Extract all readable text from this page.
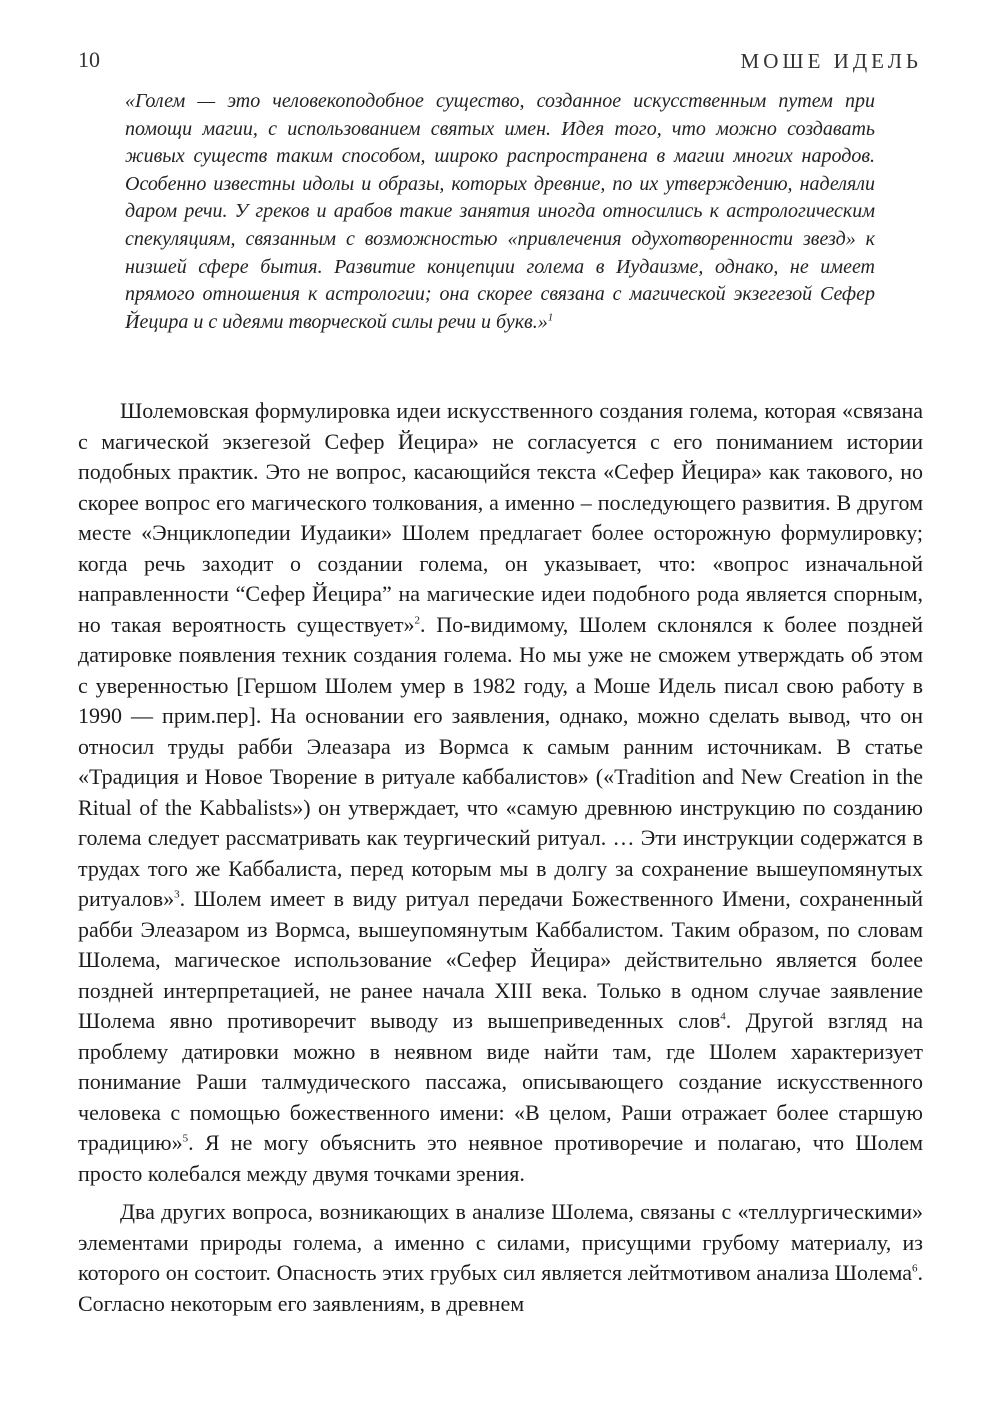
10	МОШЕ ИДЕЛЬ

«Голем — это человекоподобное существо, созданное искусственным путем при помощи магии, с использованием святых имен. Идея того, что можно создавать живых существ таким способом, широко распространена в магии многих народов. Особенно известны идолы и образы, которых древние, по их утверждению, наделяли даром речи. У греков и арабов такие занятия иногда относились к астрологическим спекуляциям, связанным с возможностью «привлечения одухотворенности звезд» к низшей сфере бытия. Развитие концепции голема в Иудаизме, однако, не имеет прямого отношения к астрологии; она скорее связана с магической экзегезой Сефер Йецира и с идеями творческой силы речи и букв.»$^1$

Шолемовская формулировка идеи искусственного создания голема, которая «связана с магической экзегезой Сефер Йецира» не согласуется с его пониманием истории подобных практик. Это не вопрос, касающийся текста «Сефер Йецира» как такового, но скорее вопрос его магического толкования, а именно – последующего развития. В другом месте «Энциклопедии Иудаики» Шолем предлагает более осторожную формулировку; когда речь заходит о создании голема, он указывает, что: «вопрос изначальной направленности “Сефер Йецира” на магические идеи подобного рода является спорным, но такая вероятность существует»$^2$. По-видимому, Шолем склонялся к более поздней датировке появления техник создания голема. Но мы уже не сможем утверждать об этом с уверенностью [Гершом Шолем умер в 1982 году, а Моше Идель писал свою работу в 1990 — прим.пер]. На основании его заявления, однако, можно сделать вывод, что он относил труды рабби Элеазара из Вормса к самым ранним источникам. В статье «Традиция и Новое Творение в ритуале каббалистов» («Tradition and New Creation in the Ritual of the Kabbalists») он утверждает, что «самую древнюю инструкцию по созданию голема следует рассматривать как теургический ритуал. … Эти инструкции содержатся в трудах того же Каббалиста, перед которым мы в долгу за сохранение вышеупомянутых ритуалов»$^3$. Шолем имеет в виду ритуал передачи Божественного Имени, сохраненный рабби Элеазаром из Вормса, вышеупомянутым Каббалистом. Таким образом, по словам Шолема, магическое использование «Сефер Йецира» действительно является более поздней интерпретацией, не ранее начала XIII века. Только в одном случае заявление Шолема явно противоречит выводу из вышеприведенных слов$^4$. Другой взгляд на проблему датировки можно в неявном виде найти там, где Шолем характеризует понимание Раши талмудического пассажа, описывающего создание искусственного человека с помощью божественного имени: «В целом, Раши отражает более старшую традицию»$^5$. Я не могу объяснить это неявное противоречие и полагаю, что Шолем просто колебался между двумя точками зрения.

Два других вопроса, возникающих в анализе Шолема, связаны с «теллургическими» элементами природы голема, а именно с силами, присущими грубому материалу, из которого он состоит. Опасность этих грубых сил является лейтмотивом анализа Шолема$^6$. Согласно некоторым его заявлениям, в древнем
